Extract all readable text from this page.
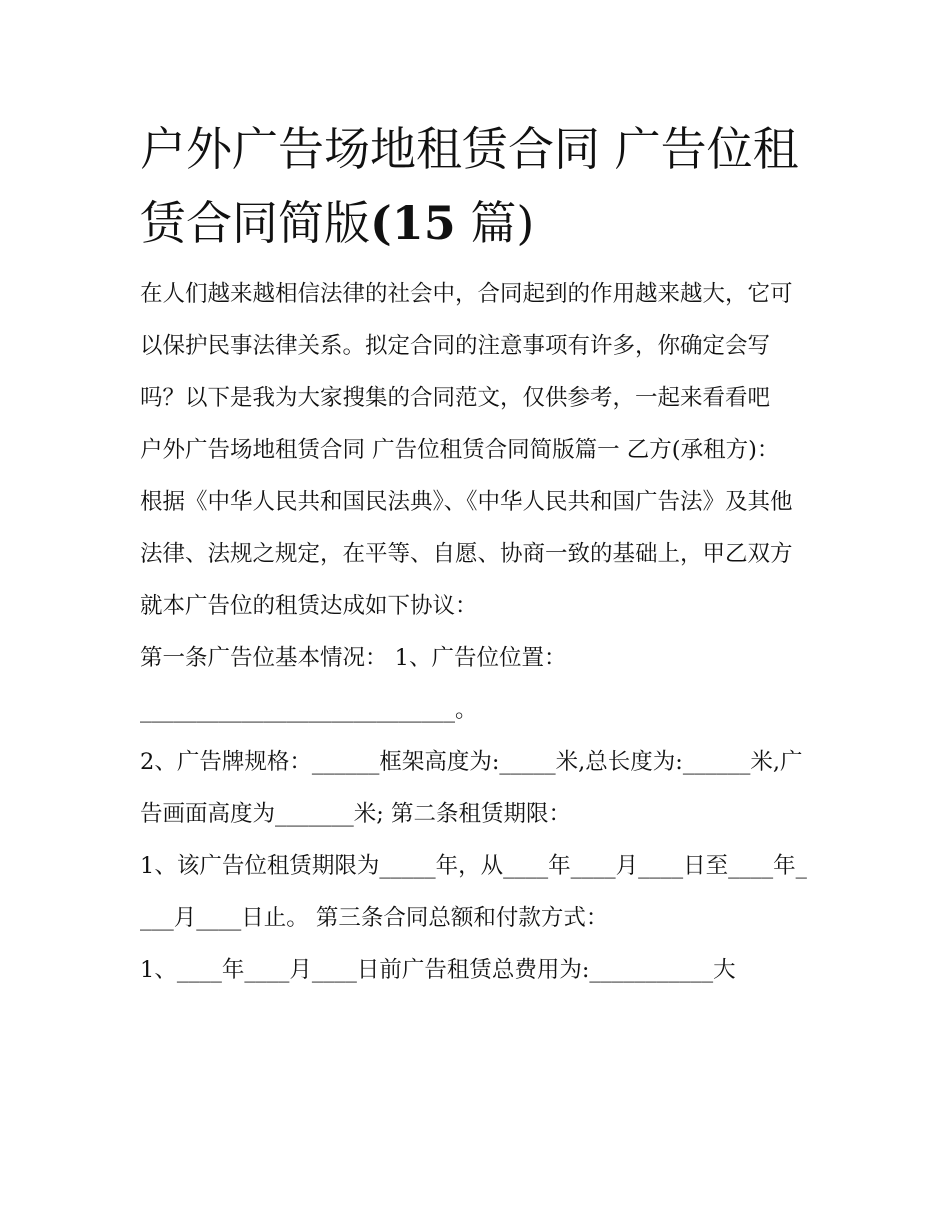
户外广告场地租赁合同 广告位租赁合同简版(15 篇)

在人们越来越相信法律的社会中，合同起到的作用越来越大，它可以保护民事法律关系。拟定合同的注意事项有许多，你确定会写吗？以下是我为大家搜集的合同范文，仅供参考，一起来看看吧

户外广告场地租赁合同 广告位租赁合同简版篇一 乙方(承租方)：

根据《中华人民共和国民法典》、《中华人民共和国广告法》及其他法律、法规之规定，在平等、自愿、协商一致的基础上，甲乙双方就本广告位的租赁达成如下协议：

第一条广告位基本情况： 1、广告位位置：

____________________________。

2、广告牌规格：______框架高度为:_____米,总长度为:______米,广告画面高度为_______米; 第二条租赁期限：

1、该广告位租赁期限为_____年，从____年____月____日至____年____月____日止。 第三条合同总额和付款方式：

1、____年____月____日前广告租赁总费用为:___________大
